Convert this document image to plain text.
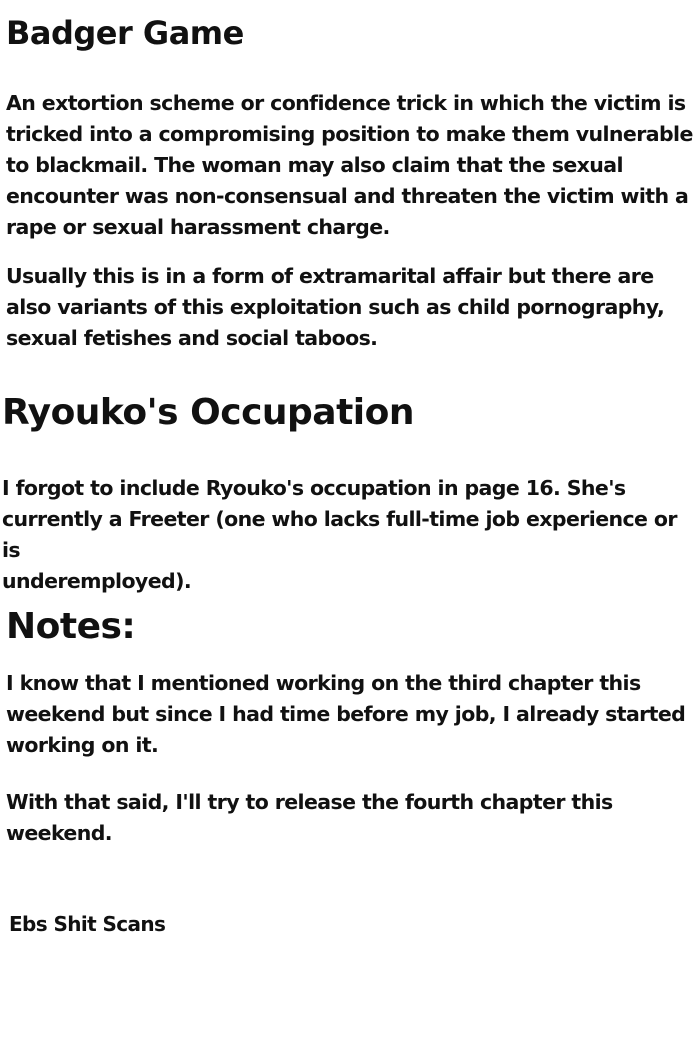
Badger Game

An extortion scheme or confidence trick in which the victim is
tricked into a compromising position to make them vulnerable
to blackmail. The woman may also claim that the sexual
encounter was non-consensual and threaten the victim with a
rape or sexual harassment charge.

Usually this is in a form of extramarital affair but there are
also variants of this exploitation such as child pornography,
sexual fetishes and social taboos.

Ryouko's Occupation

I forgot to include Ryouko's occupation in page 16. She's
currently a Freeter (one who lacks full-time job experience or is
underemployed).

Notes:

I know that I mentioned working on the third chapter this
weekend but since I had time before my job, I already started
working on it.

With that said, I'll try to release the fourth chapter this
weekend.

Ebs Shit Scans
